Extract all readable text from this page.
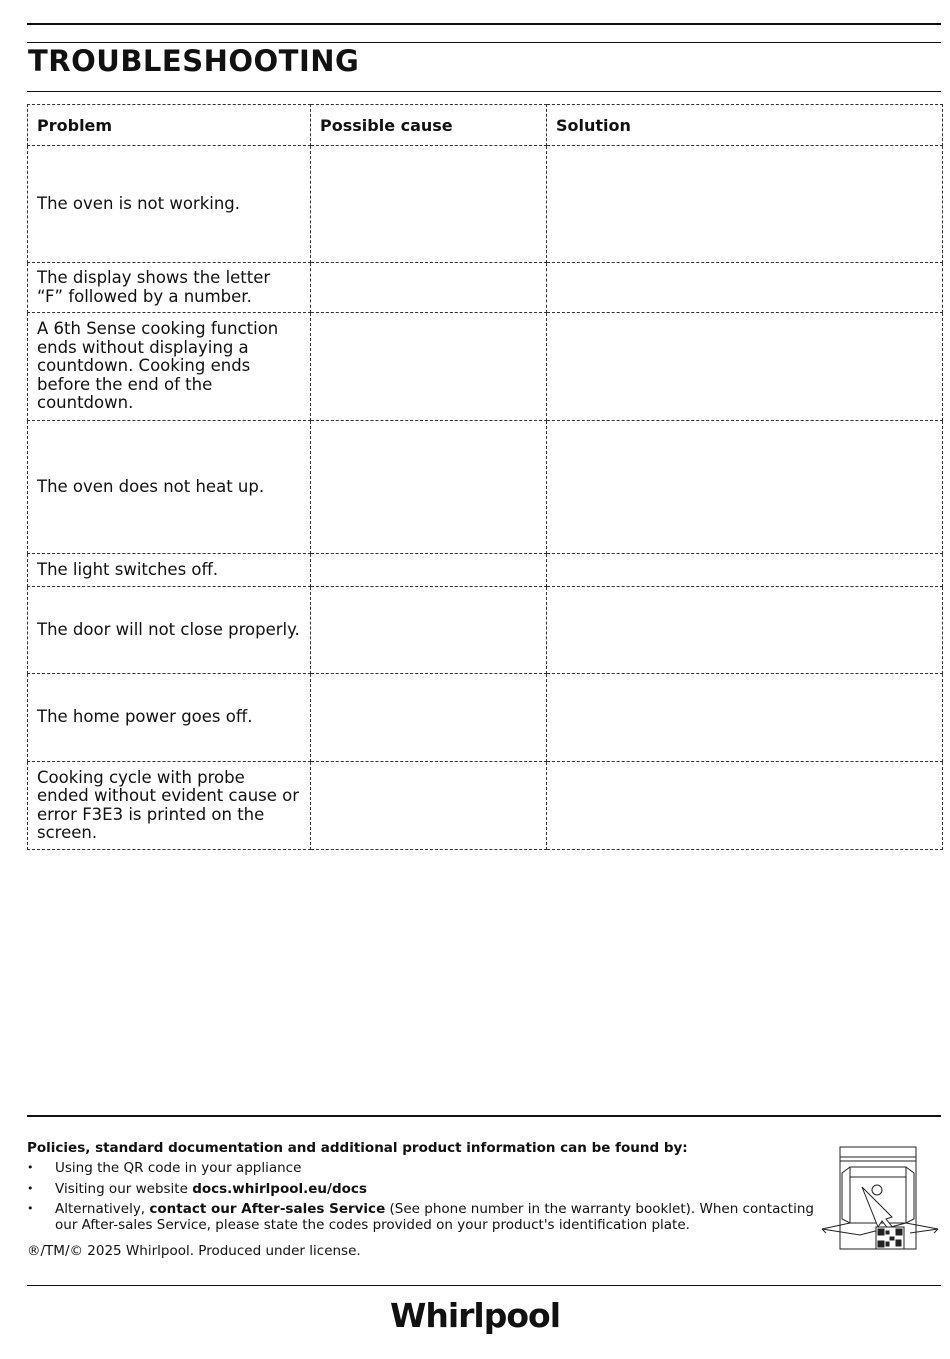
TROUBLESHOOTING
Problem	Possible cause	Solution
The oven is not working.		
The display shows the letter “F” followed by a number.		
A 6th Sense cooking function ends without displaying a countdown. Cooking ends before the end of the countdown.		
The oven does not heat up.		
The light switches off.		
The door will not close properly.		
The home power goes off.		
Cooking cycle with probe ended without evident cause or error F3E3 is printed on the screen.		
Policies, standard documentation and additional product information can be found by:
• Using the QR code in your appliance
• Visiting our website docs.whirlpool.eu/docs
• Alternatively, contact our After-sales Service (See phone number in the warranty booklet). When contacting our After-sales Service, please state the codes provided on your product's identification plate.
®/TM/© 2025 Whirlpool. Produced under license.
Whirlpool
